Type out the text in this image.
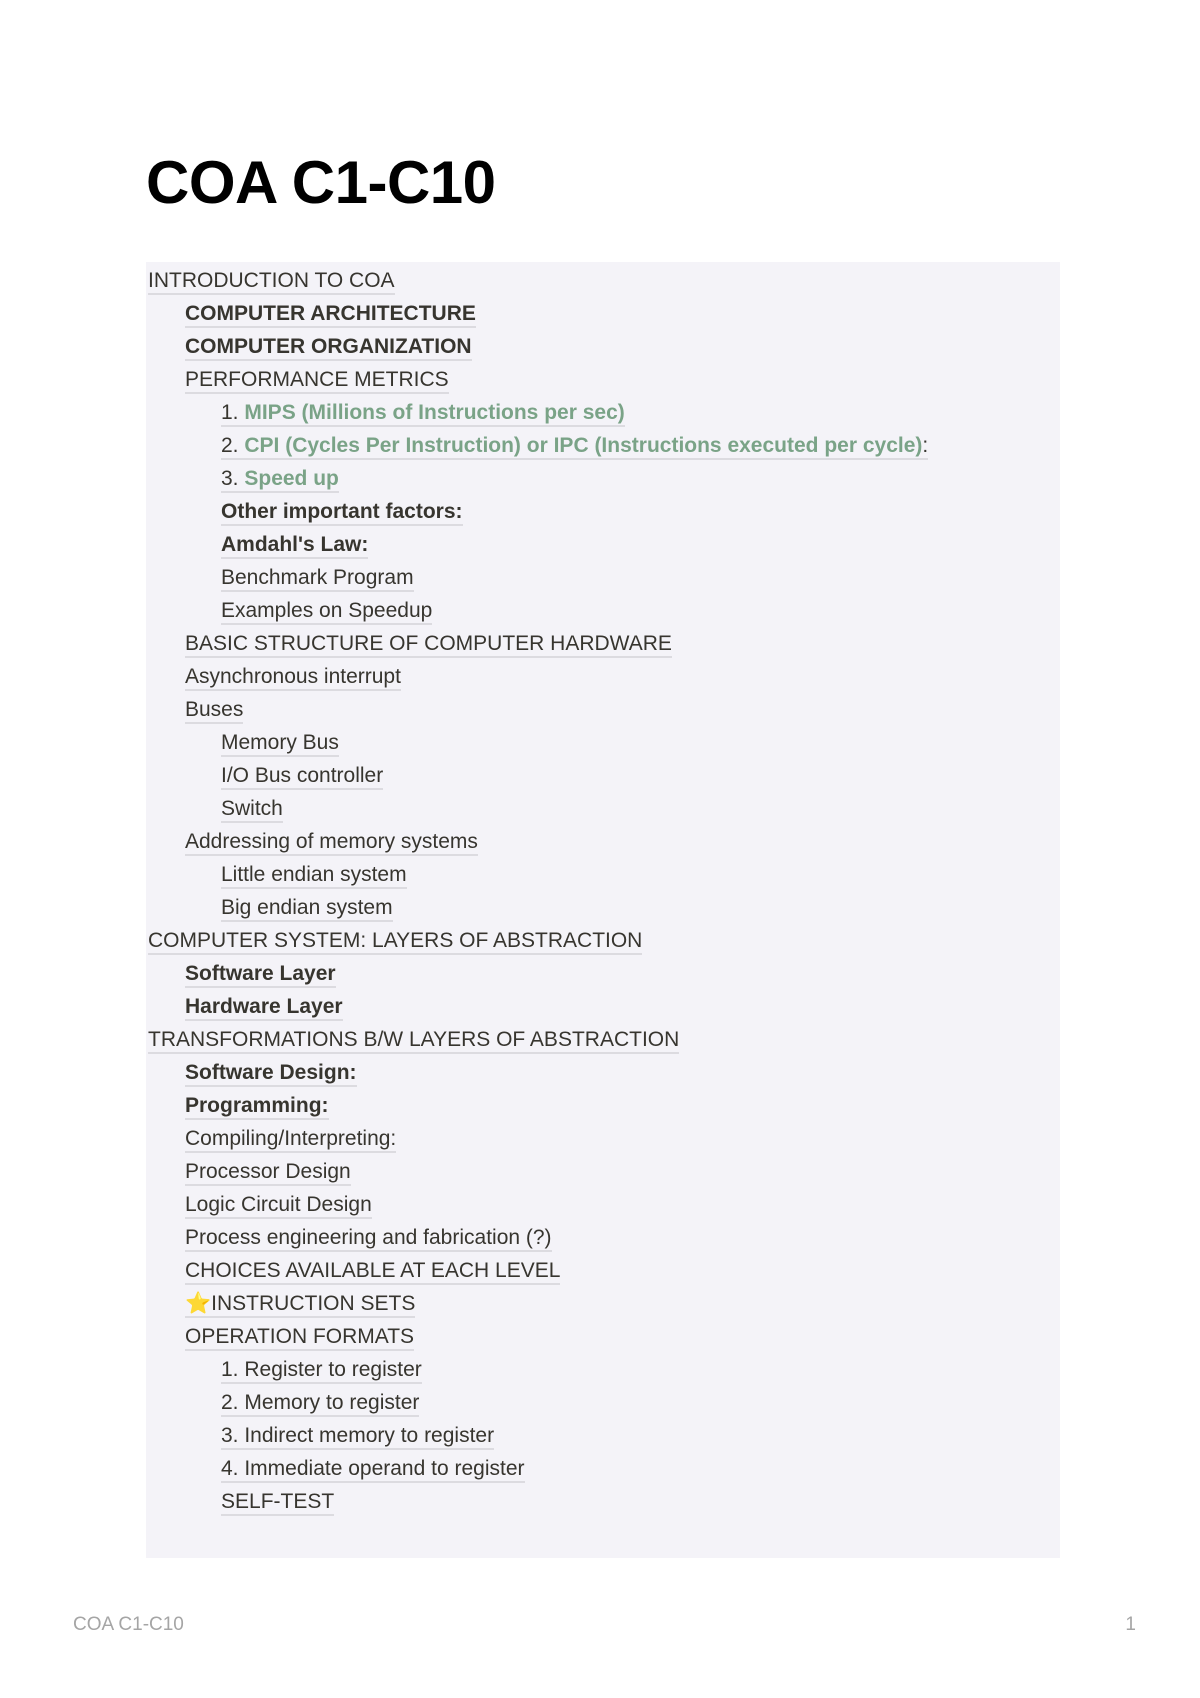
COA C1-C10
INTRODUCTION TO COA
COMPUTER ARCHITECTURE
COMPUTER ORGANIZATION
PERFORMANCE METRICS
1. MIPS (Millions of Instructions per sec)
2. CPI (Cycles Per Instruction) or IPC (Instructions executed per cycle):
3. Speed up
Other important factors:
Amdahl's Law:
Benchmark Program
Examples on Speedup
BASIC STRUCTURE OF COMPUTER HARDWARE
Asynchronous interrupt
Buses
Memory Bus
I/O Bus controller
Switch
Addressing of memory systems
Little endian system
Big endian system
COMPUTER SYSTEM: LAYERS OF ABSTRACTION
Software Layer
Hardware Layer
TRANSFORMATIONS B/W LAYERS OF ABSTRACTION
Software Design:
Programming:
Compiling/Interpreting:
Processor Design
Logic Circuit Design
Process engineering and fabrication (?)
CHOICES AVAILABLE AT EACH LEVEL
⭐INSTRUCTION SETS
OPERATION FORMATS
1. Register to register
2. Memory to register
3. Indirect memory to register
4. Immediate operand to register
SELF-TEST
COA C1-C10	1
